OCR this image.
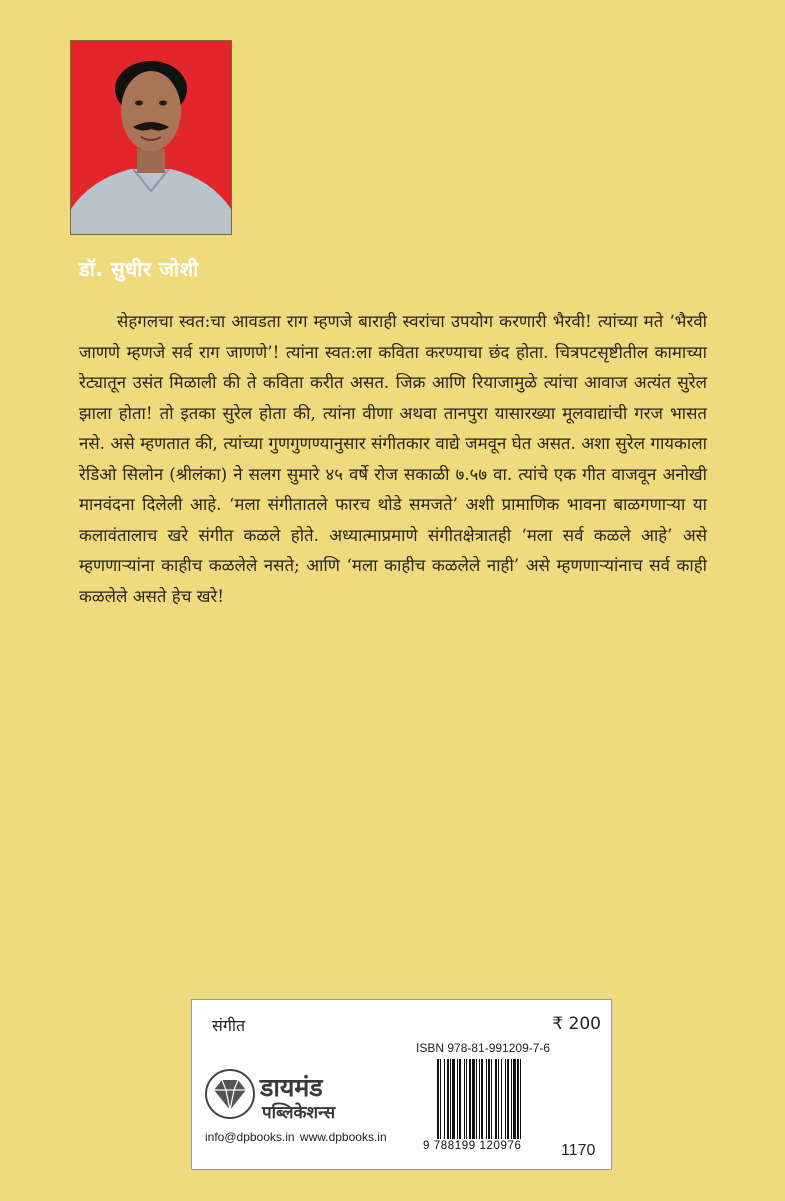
डॉ. सुधीर जोशी

सेहगलचा स्वत:चा आवडता राग म्हणजे बाराही स्वरांचा उपयोग करणारी भैरवी! त्यांच्या मते ‘भैरवी जाणणे म्हणजे सर्व राग जाणणे’! त्यांना स्वत:ला कविता करण्याचा छंद होता. चित्रपटसृष्टीतील कामाच्या रेट्यातून उसंत मिळाली की ते कविता करीत असत. जिक्र आणि रियाजामुळे त्यांचा आवाज अत्यंत सुरेल झाला होता! तो इतका सुरेल होता की, त्यांना वीणा अथवा तानपुरा यासारख्या मूलवाद्यांची गरज भासत नसे. असे म्हणतात की, त्यांच्या गुणगुणण्यानुसार संगीतकार वाद्ये जमवून घेत असत. अशा सुरेल गायकाला रेडिओ सिलोन (श्रीलंका) ने सलग सुमारे ४५ वर्षे रोज सकाळी ७.५७ वा. त्यांचे एक गीत वाजवून अनोखी मानवंदना दिलेली आहे. ‘मला संगीतातले फारच थोडे समजते’ अशी प्रामाणिक भावना बाळगणाऱ्या या कलावंतालाच खरे संगीत कळले होते. अध्यात्माप्रमाणे संगीतक्षेत्रातही ‘मला सर्व कळले आहे’ असे म्हणणाऱ्यांना काहीच कळलेले नसते; आणि ‘मला काहीच कळलेले नाही’ असे म्हणणाऱ्यांनाच सर्व काही कळलेले असते हेच खरे!

संगीत	₹ 200
ISBN 978-81-991209-7-6
डायमंड
पब्लिकेशन्स
info@dpbooks.in www.dpbooks.in
9 788199 120976 1170
